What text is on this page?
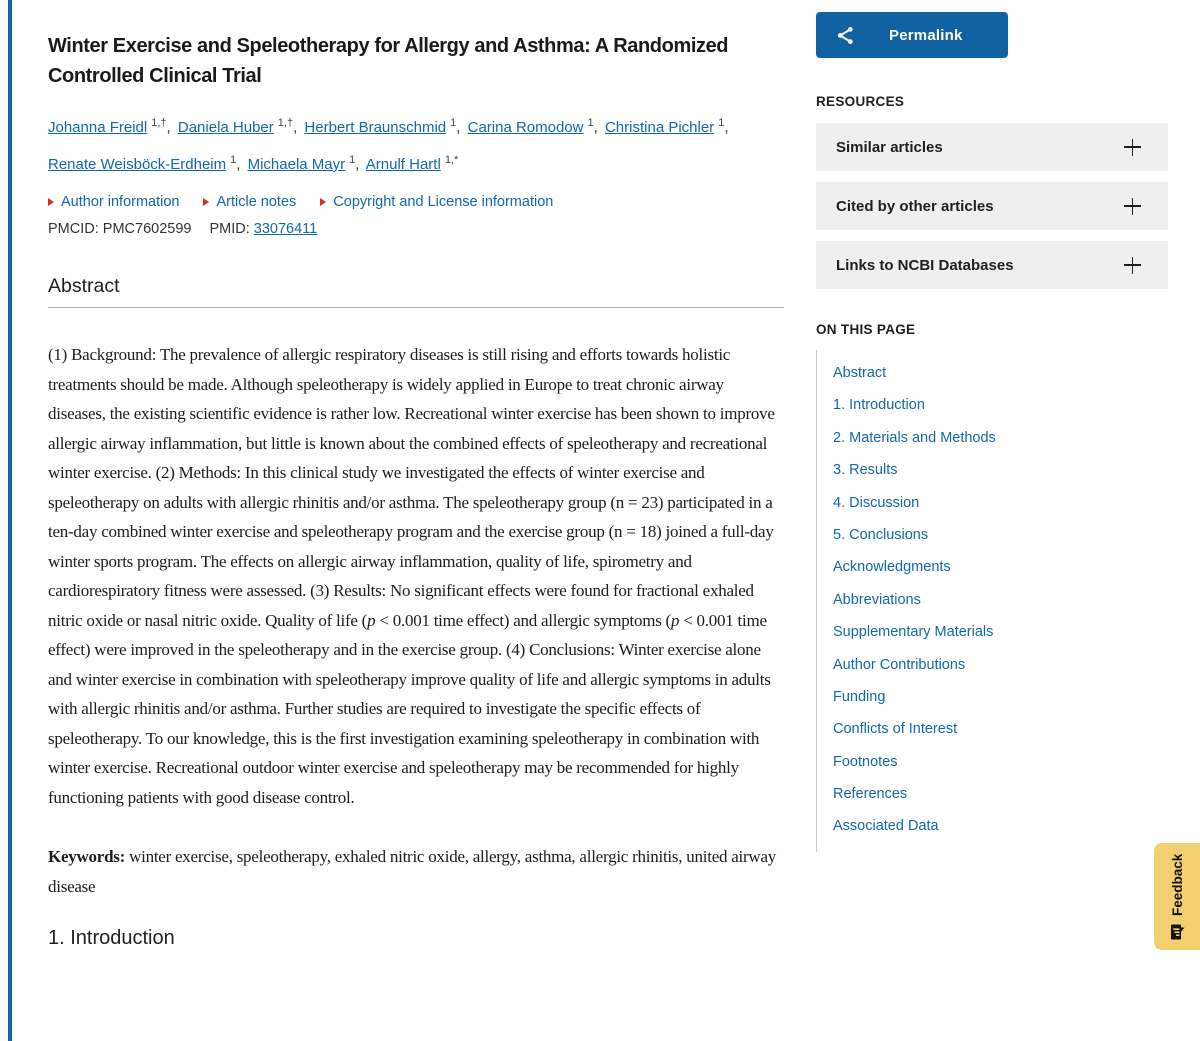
Winter Exercise and Speleotherapy for Allergy and Asthma: A Randomized Controlled Clinical Trial
Johanna Freidl $^{1,\dagger}$, Daniela Huber $^{1,\dagger}$, Herbert Braunschmid $^1$, Carina Romodow $^1$, Christina Pichler $^1$, Renate Weisböck-Erdheim $^1$, Michaela Mayr $^1$, Arnulf Hartl $^{1,*}$
Author information	Article notes	Copyright and License information
PMCID: PMC7602599 PMID: 33076411
Abstract

(1) Background: The prevalence of allergic respiratory diseases is still rising and efforts towards holistic treatments should be made. Although speleotherapy is widely applied in Europe to treat chronic airway diseases, the existing scientific evidence is rather low. Recreational winter exercise has been shown to improve allergic airway inflammation, but little is known about the combined effects of speleotherapy and recreational winter exercise. (2) Methods: In this clinical study we investigated the effects of winter exercise and speleotherapy on adults with allergic rhinitis and/or asthma. The speleotherapy group (n = 23) participated in a ten-day combined winter exercise and speleotherapy program and the exercise group (n = 18) joined a full-day winter sports program. The effects on allergic airway inflammation, quality of life, spirometry and cardiorespiratory fitness were assessed. (3) Results: No significant effects were found for fractional exhaled nitric oxide or nasal nitric oxide. Quality of life (p < 0.001 time effect) and allergic symptoms (p < 0.001 time effect) were improved in the speleotherapy and in the exercise group. (4) Conclusions: Winter exercise alone and winter exercise in combination with speleotherapy improve quality of life and allergic symptoms in adults with allergic rhinitis and/or asthma. Further studies are required to investigate the specific effects of speleotherapy. To our knowledge, this is the first investigation examining speleotherapy in combination with winter exercise. Recreational outdoor winter exercise and speleotherapy may be recommended for highly functioning patients with good disease control.

Keywords: winter exercise, speleotherapy, exhaled nitric oxide, allergy, asthma, allergic rhinitis, united airway disease

1. Introduction
Permalink
RESOURCES
Similar articles
Cited by other articles
Links to NCBI Databases
ON THIS PAGE
Abstract
1. Introduction
2. Materials and Methods
3. Results
4. Discussion
5. Conclusions
Acknowledgments
Abbreviations
Supplementary Materials
Author Contributions
Funding
Conflicts of Interest
Footnotes
References
Associated Data
Feedback
